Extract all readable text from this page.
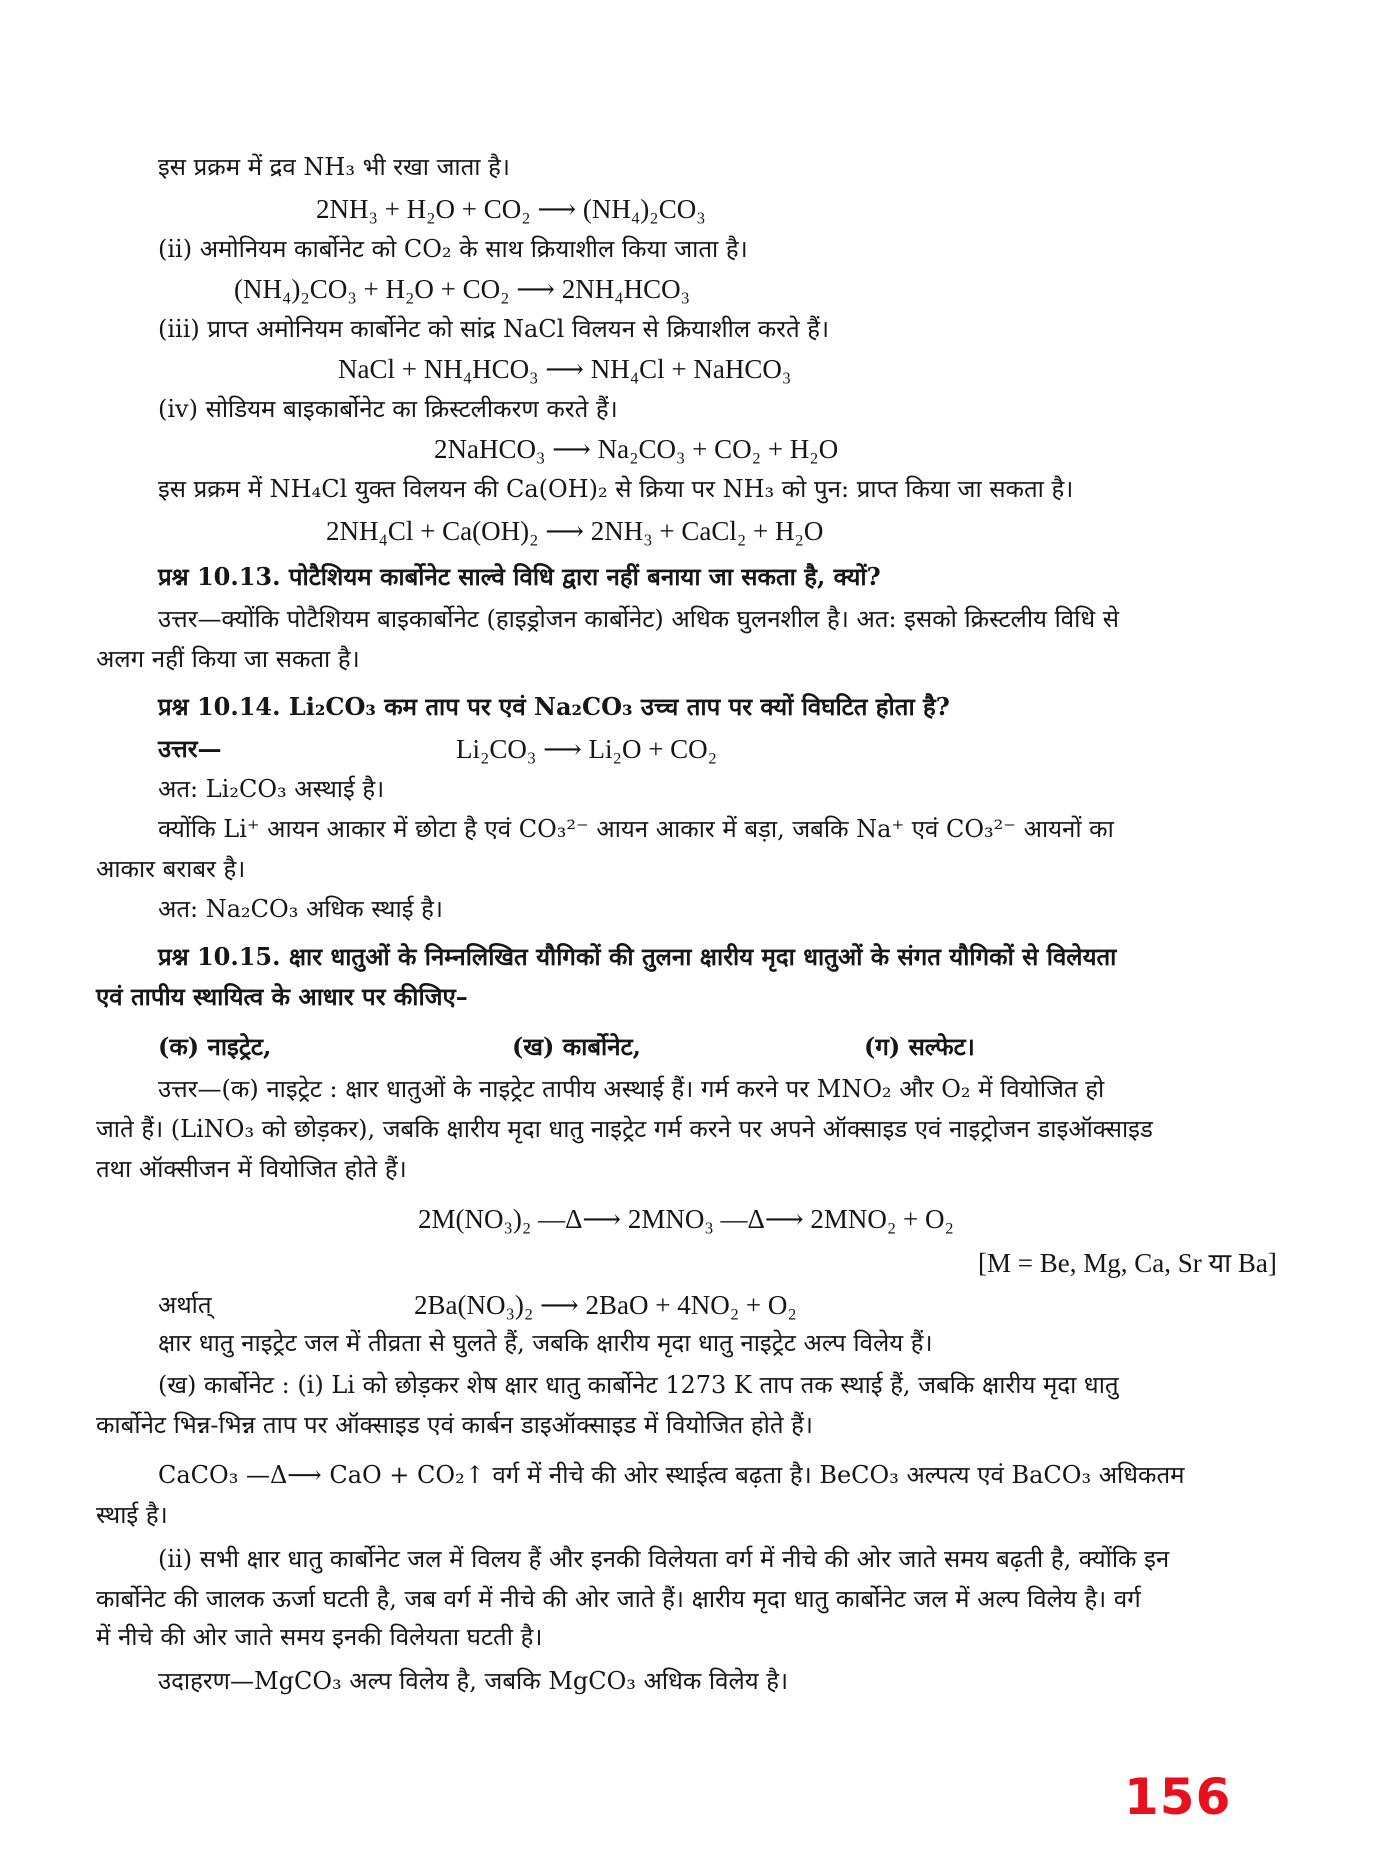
इस प्रक्रम में द्रव NH₃ भी रखा जाता है।
2NH₃ + H₂O + CO₂ ⟶ (NH₄)₂CO₃
(ii) अमोनियम कार्बोनेट को CO₂ के साथ क्रियाशील किया जाता है।
(NH₄)₂CO₃ + H₂O + CO₂ ⟶ 2NH₄HCO₃
(iii) प्राप्त अमोनियम कार्बोनेट को सांद्र NaCl विलयन से क्रियाशील करते हैं।
NaCl + NH₄HCO₃ ⟶ NH₄Cl + NaHCO₃
(iv) सोडियम बाइकार्बोनेट का क्रिस्टलीकरण करते हैं।
2NaHCO₃ ⟶ Na₂CO₃ + CO₂ + H₂O
इस प्रक्रम में NH₄Cl युक्त विलयन की Ca(OH)₂ से क्रिया पर NH₃ को पुन: प्राप्त किया जा सकता है।
2NH₄Cl + Ca(OH)₂ ⟶ 2NH₃ + CaCl₂ + H₂O
प्रश्न 10.13. पोटैशियम कार्बोनेट साल्वे विधि द्वारा नहीं बनाया जा सकता है, क्यों?
उत्तर—क्योंकि पोटैशियम बाइकार्बोनेट (हाइड्रोजन कार्बोनेट) अधिक घुलनशील है। अत: इसको क्रिस्टलीय विधि से
अलग नहीं किया जा सकता है।
प्रश्न 10.14. Li₂CO₃ कम ताप पर एवं Na₂CO₃ उच्च ताप पर क्यों विघटित होता है?
उत्तर—	Li₂CO₃ ⟶ Li₂O + CO₂
अत: Li₂CO₃ अस्थाई है।
क्योंकि Li⁺ आयन आकार में छोटा है एवं CO₃²⁻ आयन आकार में बड़ा, जबकि Na⁺ एवं CO₃²⁻ आयनों का
आकार बराबर है।
अत: Na₂CO₃ अधिक स्थाई है।
प्रश्न 10.15. क्षार धातुओं के निम्नलिखित यौगिकों की तुलना क्षारीय मृदा धातुओं के संगत यौगिकों से विलेयता
एवं तापीय स्थायित्व के आधार पर कीजिए–
(क) नाइट्रेट,	(ख) कार्बोनेट,	(ग) सल्फेट।
उत्तर—(क) नाइट्रेट : क्षार धातुओं के नाइट्रेट तापीय अस्थाई हैं। गर्म करने पर MNO₂ और O₂ में वियोजित हो
जाते हैं। (LiNO₃ को छोड़कर), जबकि क्षारीय मृदा धातु नाइट्रेट गर्म करने पर अपने ऑक्साइड एवं नाइट्रोजन डाइऑक्साइड
तथा ऑक्सीजन में वियोजित होते हैं।
2M(NO₃)₂ —Δ⟶ 2MNO₃ —Δ⟶ 2MNO₂ + O₂
[M = Be, Mg, Ca, Sr या Ba]
अर्थात्	2Ba(NO₃)₂ ⟶ 2BaO + 4NO₂ + O₂
क्षार धातु नाइट्रेट जल में तीव्रता से घुलते हैं, जबकि क्षारीय मृदा धातु नाइट्रेट अल्प विलेय हैं।
(ख) कार्बोनेट : (i) Li को छोड़कर शेष क्षार धातु कार्बोनेट 1273 K ताप तक स्थाई हैं, जबकि क्षारीय मृदा धातु
कार्बोनेट भिन्न-भिन्न ताप पर ऑक्साइड एवं कार्बन डाइऑक्साइड में वियोजित होते हैं।
CaCO₃ —Δ⟶ CaO + CO₂↑ वर्ग में नीचे की ओर स्थाईत्व बढ़ता है। BeCO₃ अल्पत्य एवं BaCO₃ अधिकतम
स्थाई है।
(ii) सभी क्षार धातु कार्बोनेट जल में विलय हैं और इनकी विलेयता वर्ग में नीचे की ओर जाते समय बढ़ती है, क्योंकि इन
कार्बोनेट की जालक ऊर्जा घटती है, जब वर्ग में नीचे की ओर जाते हैं। क्षारीय मृदा धातु कार्बोनेट जल में अल्प विलेय है। वर्ग
में नीचे की ओर जाते समय इनकी विलेयता घटती है।
उदाहरण—MgCO₃ अल्प विलेय है, जबकि MgCO₃ अधिक विलेय है।
156
